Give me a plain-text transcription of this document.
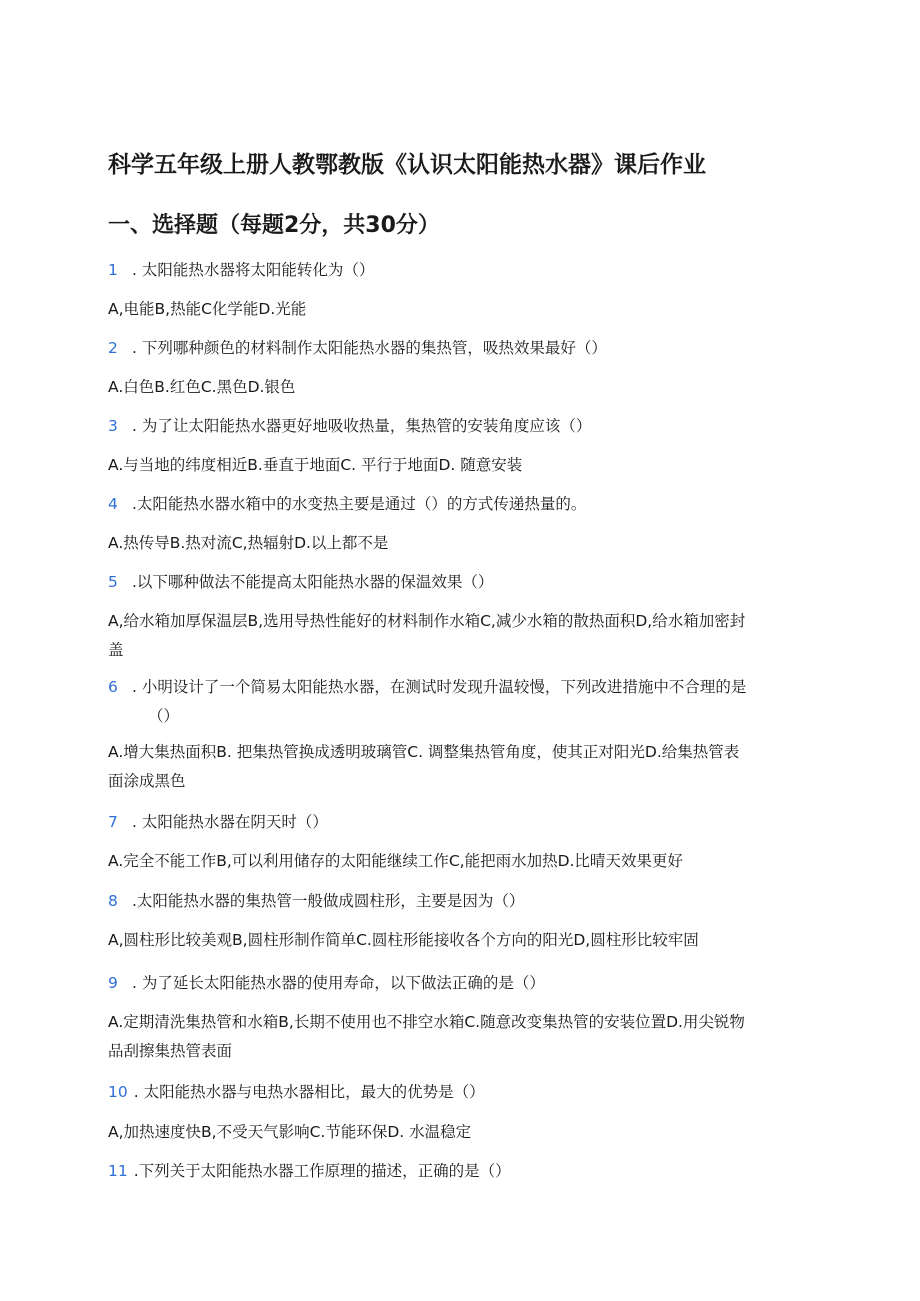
科学五年级上册人教鄂教版《认识太阳能热水器》课后作业
一、选择题（每题2分，共30分）
1 . 太阳能热水器将太阳能转化为（）
A,电能B,热能C化学能D.光能
2 . 下列哪种颜色的材料制作太阳能热水器的集热管，吸热效果最好（）
A.白色B.红色C.黑色D.银色
3 . 为了让太阳能热水器更好地吸收热量，集热管的安装角度应该（）
A.与当地的纬度相近B.垂直于地面C. 平行于地面D. 随意安装
4 .太阳能热水器水箱中的水变热主要是通过（）的方式传递热量的。
A.热传导B.热对流C,热辐射D.以上都不是
5 .以下哪种做法不能提高太阳能热水器的保温效果（）
A,给水箱加厚保温层B,选用导热性能好的材料制作水箱C,减少水箱的散热面积D,给水箱加密封
盖
6 . 小明设计了一个简易太阳能热水器，在测试时发现升温较慢，下列改进措施中不合理的是
（）
A.增大集热面积B. 把集热管换成透明玻璃管C. 调整集热管角度，使其正对阳光D.给集热管表
面涂成黑色
7 . 太阳能热水器在阴天时（）
A.完全不能工作B,可以利用储存的太阳能继续工作C,能把雨水加热D.比晴天效果更好
8 .太阳能热水器的集热管一般做成圆柱形，主要是因为（）
A,圆柱形比较美观B,圆柱形制作简单C.圆柱形能接收各个方向的阳光D,圆柱形比较牢固
9 . 为了延长太阳能热水器的使用寿命，以下做法正确的是（）
A.定期清洗集热管和水箱B,长期不使用也不排空水箱C.随意改变集热管的安装位置D.用尖锐物
品刮擦集热管表面
10 . 太阳能热水器与电热水器相比，最大的优势是（）
A,加热速度快B,不受天气影响C.节能环保D. 水温稳定
11 .下列关于太阳能热水器工作原理的描述，正确的是（）
